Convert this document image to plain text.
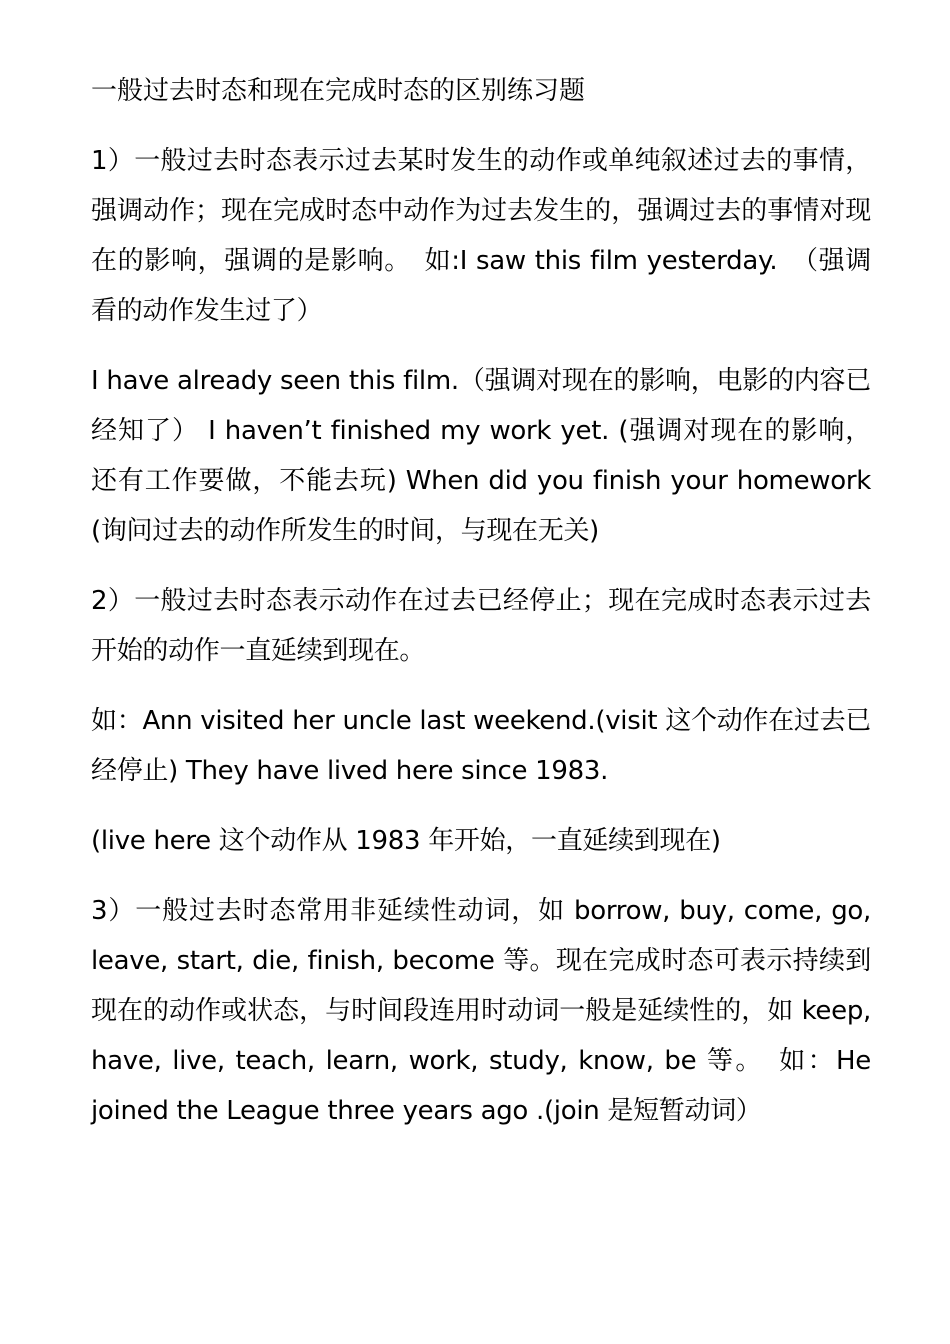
一般过去时态和现在完成时态的区别练习题

1）一般过去时态表示过去某时发生的动作或单纯叙述过去的事情，强调动作；现在完成时态中动作为过去发生的，强调过去的事情对现在的影响，强调的是影响。　如:I saw this film yesterday.　（强调看的动作发生过了）

I have already seen this film.（强调对现在的影响，电影的内容已经知了） I haven’t finished my work yet. (强调对现在的影响，还有工作要做，不能去玩) When did you finish your homework (询问过去的动作所发生的时间，与现在无关)

2）一般过去时态表示动作在过去已经停止；现在完成时态表示过去开始的动作一直延续到现在。

如：Ann visited her uncle last weekend.(visit 这个动作在过去已经停止) They have lived here since 1983.

(live here 这个动作从 1983 年开始，一直延续到现在)

3）一般过去时态常用非延续性动词，如 borrow, buy, come, go, leave, start, die, finish, become 等。现在完成时态可表示持续到现在的动作或状态，与时间段连用时动词一般是延续性的，如 keep, have, live, teach, learn, work, study, know, be 等。　如：He joined the League three years ago .(join 是短暂动词）
